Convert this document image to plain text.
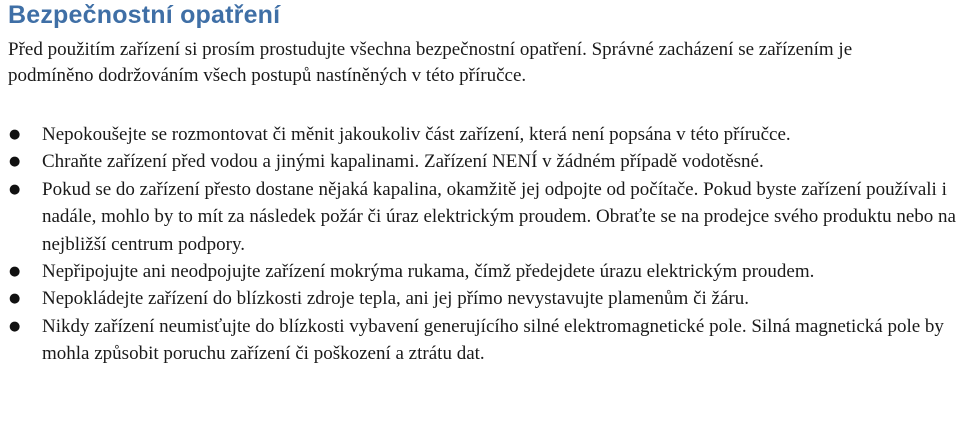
Bezpečnostní opatření

Před použitím zařízení si prosím prostudujte všechna bezpečnostní opatření. Správné zacházení se zařízením je podmíněno dodržováním všech postupů nastíněných v této příručce.

● Nepokoušejte se rozmontovat či měnit jakoukoliv část zařízení, která není popsána v této příručce.
● Chraňte zařízení před vodou a jinými kapalinami. Zařízení NENÍ v žádném případě vodotěsné.
● Pokud se do zařízení přesto dostane nějaká kapalina, okamžitě jej odpojte od počítače. Pokud byste zařízení používali i nadále, mohlo by to mít za následek požár či úraz elektrickým proudem. Obraťte se na prodejce svého produktu nebo na nejbližší centrum podpory.
● Nepřipojujte ani neodpojujte zařízení mokrýma rukama, čímž předejdete úrazu elektrickým proudem.
● Nepokládejte zařízení do blízkosti zdroje tepla, ani jej přímo nevystavujte plamenům či žáru.
● Nikdy zařízení neumisťujte do blízkosti vybavení generujícího silné elektromagnetické pole. Silná magnetická pole by mohla způsobit poruchu zařízení či poškození a ztrátu dat.
